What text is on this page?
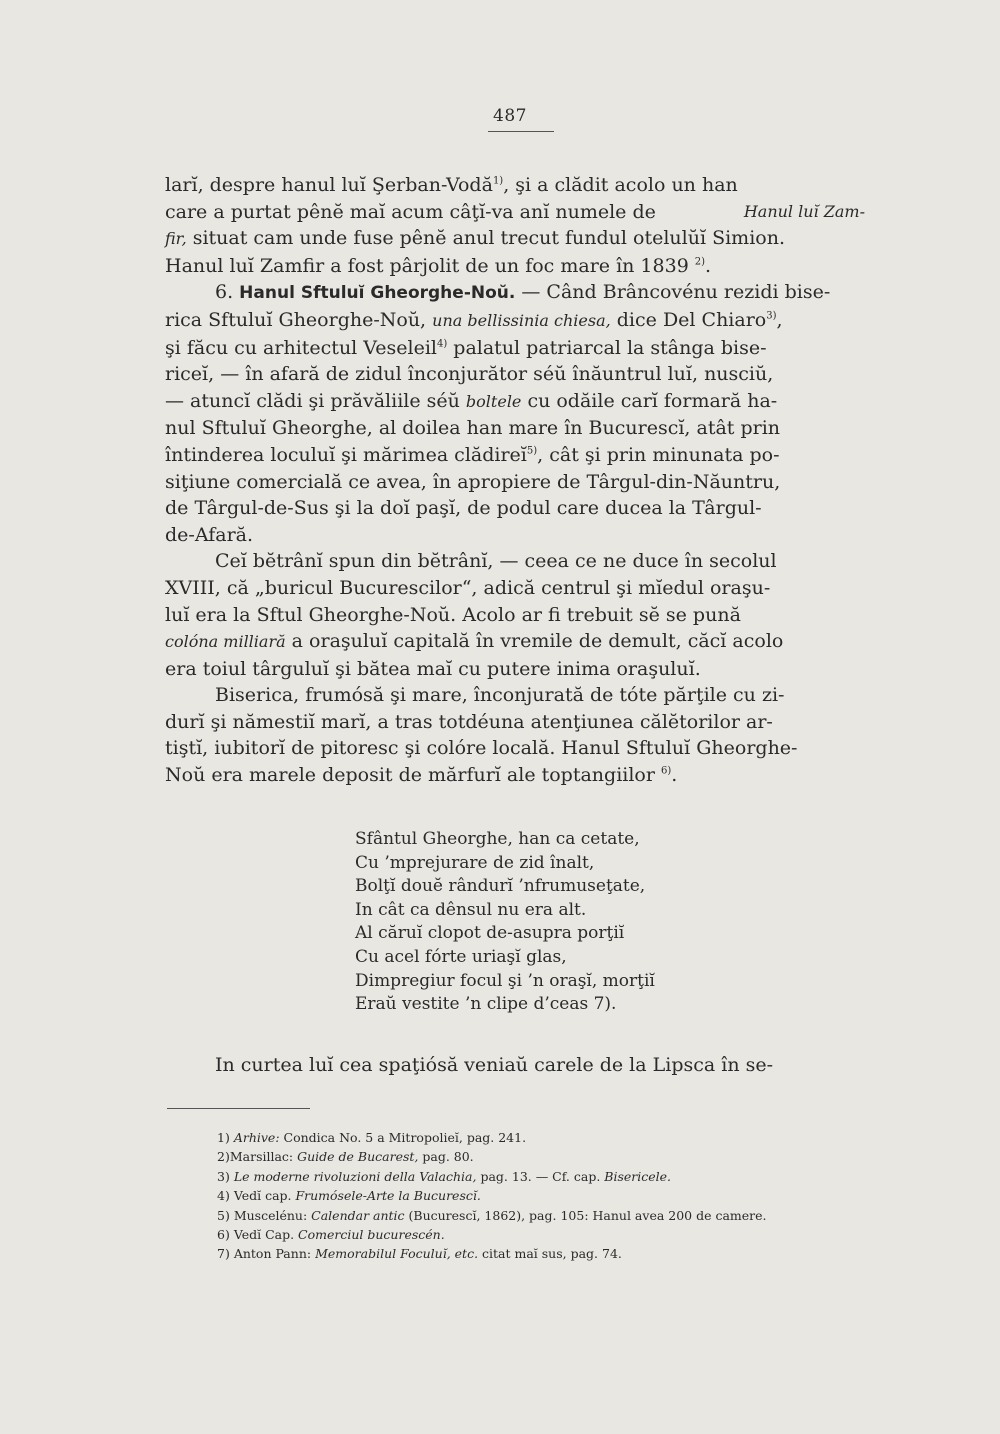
487
larĭ, despre hanul luĭ Şerban-Vodă$^{1)}$, şi a clădit acolo un han
care a purtat pênĕ maĭ acum câţĭ-va anĭ numele de	Hanul luĭ Zam-
fir, situat cam unde fuse pênĕ anul trecut fundul otelulŭĭ Simion.
Hanul luĭ Zamfir a fost pârjolit de un foc mare în 1839 $^{2)}$.
6. Hanul Sftuluĭ Gheorghe-Noŭ. — Când Brâncovénu rezidi bise-
rica Sftuluĭ Gheorghe-Noŭ, una bellissinia chiesa, dice Del Chiaro$^{3)}$,
şi făcu cu arhitectul Veseleil$^{4)}$ palatul patriarcal la stânga bise-
riceĭ, — în afară de zidul înconjurător séŭ înăuntrul luĭ, nusciŭ,
— atuncĭ clădi şi prăvăliile séŭ boltele cu odăile carĭ formară ha-
nul Sftuluĭ Gheorghe, al doilea han mare în Bucurescĭ, atât prin
întinderea loculuĭ şi mărimea clădireĭ$^{5)}$, cât şi prin minunata po-
siţiune comercială ce avea, în apropiere de Târgul-din-Năuntru,
de Târgul-de-Sus şi la doĭ paşĭ, de podul care ducea la Târgul-
de-Afară.
Ceĭ bĕtrânĭ spun din bĕtrânĭ, — ceea ce ne duce în secolul
XVIII, că „buricul Bucurescilor“, adică centrul şi mĭedul oraşu-
luĭ era la Sftul Gheorghe-Noŭ. Acolo ar fi trebuit sĕ se pună
colóna milliară a oraşuluĭ capitală în vremile de demult, căcĭ acolo
era toiul târguluĭ şi bătea maĭ cu putere inima oraşuluĭ.
Biserica, frumósă şi mare, înconjurată de tóte părţile cu zi-
durĭ şi nămestiĭ marĭ, a tras totdéuna atenţiunea călĕtorilor ar-
tiştĭ, iubitorĭ de pitoresc şi colóre locală. Hanul Sftuluĭ Gheorghe-
Noŭ era marele deposit de mărfurĭ ale toptangiilor $^{6)}$.
Sfântul Gheorghe, han ca cetate,
Cu ’mprejurare de zid înalt,
Bolţĭ douĕ rândurĭ ’nfrumuseţate,
In cât ca dênsul nu era alt.
Al căruĭ clopot de-asupra porţiĭ
Cu acel fórte uriaşĭ glas,
Dimpregiur focul şi ’n oraşĭ, morţiĭ
Eraŭ vestite ’n clipe d’ceas 7).
In curtea luĭ cea spaţiósă veniaŭ carele de la Lipsca în se-
1) Arhive: Condica No. 5 a Mitropolieĭ, pag. 241.
2)Marsillac: Guide de Bucarest, pag. 80.
3) Le moderne rivoluzioni della Valachia, pag. 13. — Cf. cap. Bisericele.
4) Vedĭ cap. Frumósele-Arte la Bucurescĭ.
5) Muscelénu: Calendar antic (Bucurescĭ, 1862), pag. 105: Hanul avea 200 de camere.
6) Vedĭ Cap. Comerciul bucurescén.
7) Anton Pann: Memorabilul Foculuĭ, etc. citat maĭ sus, pag. 74.
